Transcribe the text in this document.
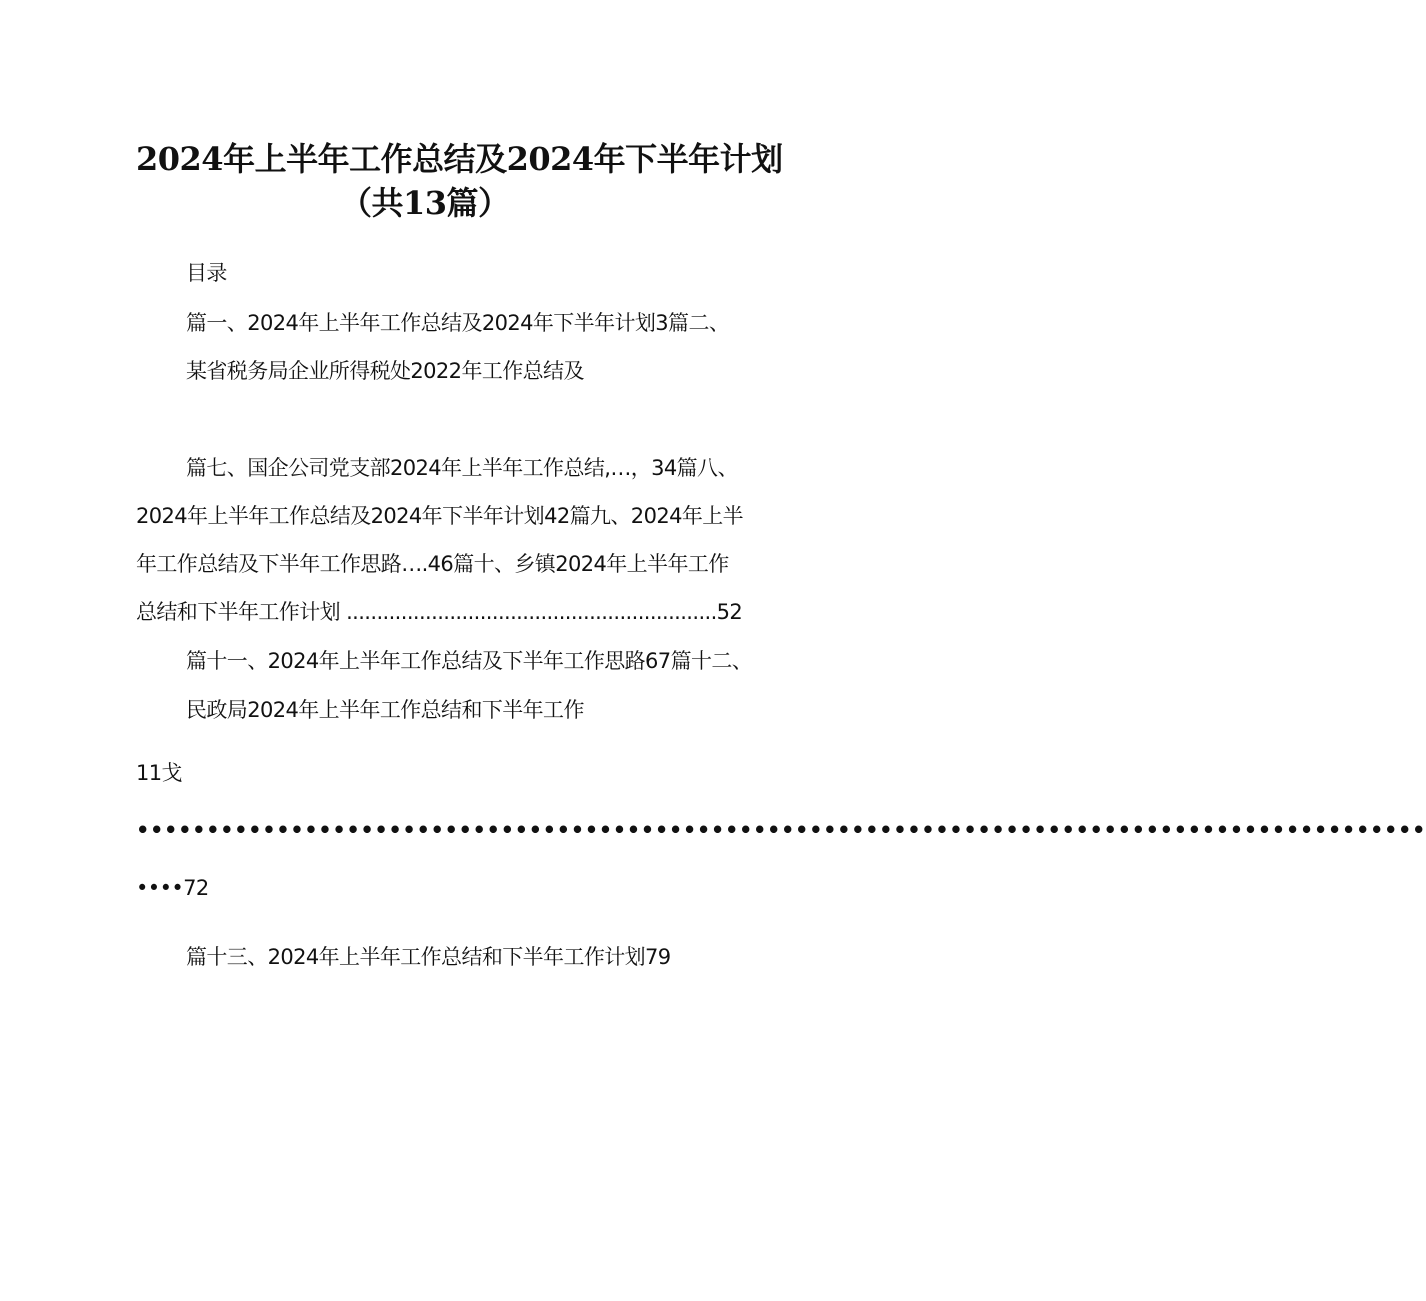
2024年上半年工作总结及2024年下半年计划
（共13篇）
目录
篇一、2024年上半年工作总结及2024年下半年计划3篇二、
某省税务局企业所得税处2022年工作总结及
篇七、国企公司党支部2024年上半年工作总结,…，34篇八、
2024年上半年工作总结及2024年下半年计划42篇九、2024年上半
年工作总结及下半年工作思路….46篇十、乡镇2024年上半年工作
总结和下半年工作计划 .............................................................52
篇十一、2024年上半年工作总结及下半年工作思路67篇十二、
民政局2024年上半年工作总结和下半年工作
11戈
••••••••••••••••••••••••••••••••••••••••••••••••••••••••••••••••••••••••••••••••••••••••••••
••••72
篇十三、2024年上半年工作总结和下半年工作计划79
